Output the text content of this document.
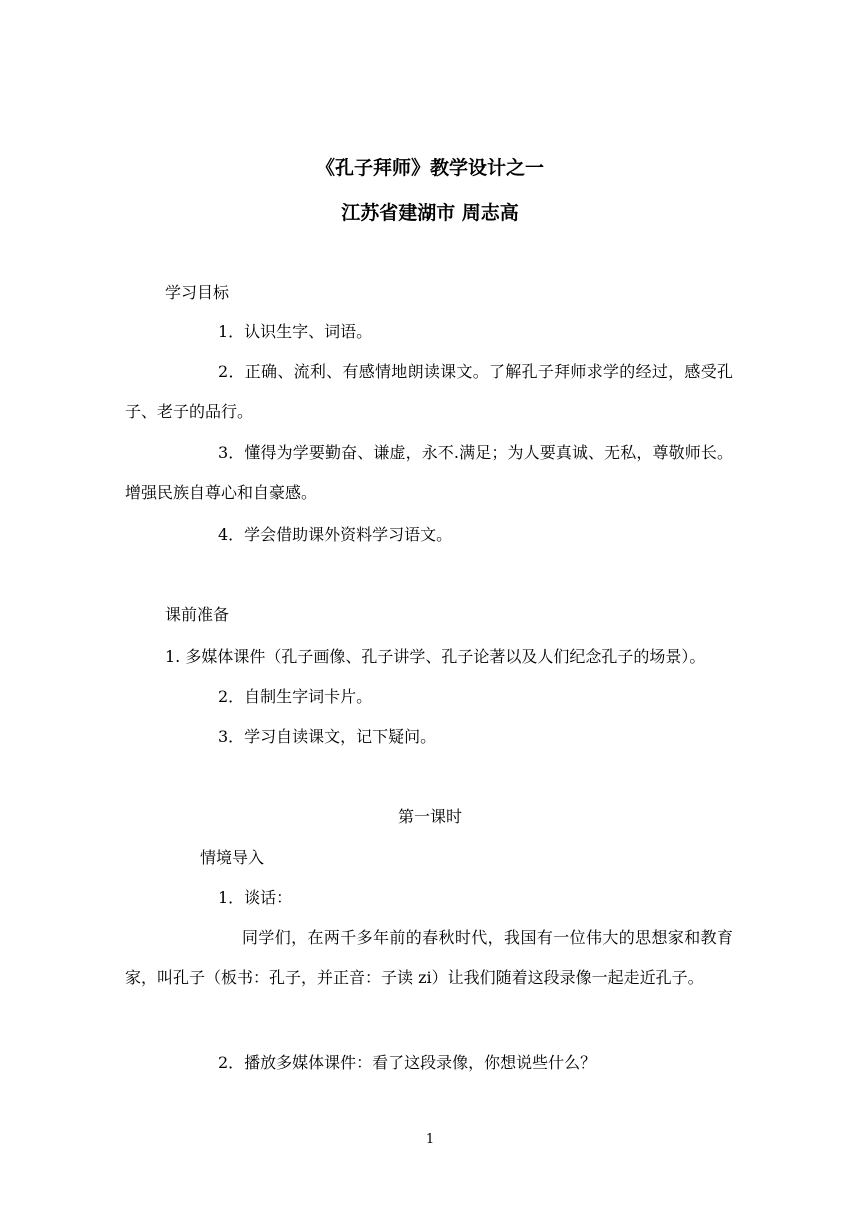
《孔子拜师》教学设计之一
江苏省建湖市 周志高
学习目标
1．认识生字、词语。
2．正确、流利、有感情地朗读课文。了解孔子拜师求学的经过，感受孔子、老子的品行。
3．懂得为学要勤奋、谦虚，永不.满足；为人要真诚、无私，尊敬师长。增强民族自尊心和自豪感。
4．学会借助课外资料学习语文。
课前准备
1. 多媒体课件（孔子画像、孔子讲学、孔子论著以及人们纪念孔子的场景）。
2．自制生字词卡片。
3．学习自读课文，记下疑问。
第一课时
情境导入
1．谈话：
同学们，在两千多年前的春秋时代，我国有一位伟大的思想家和教育家，叫孔子（板书：孔子，并正音：子读 zi）让我们随着这段录像一起走近孔子。
2．播放多媒体课件：看了这段录像，你想说些什么？
1
